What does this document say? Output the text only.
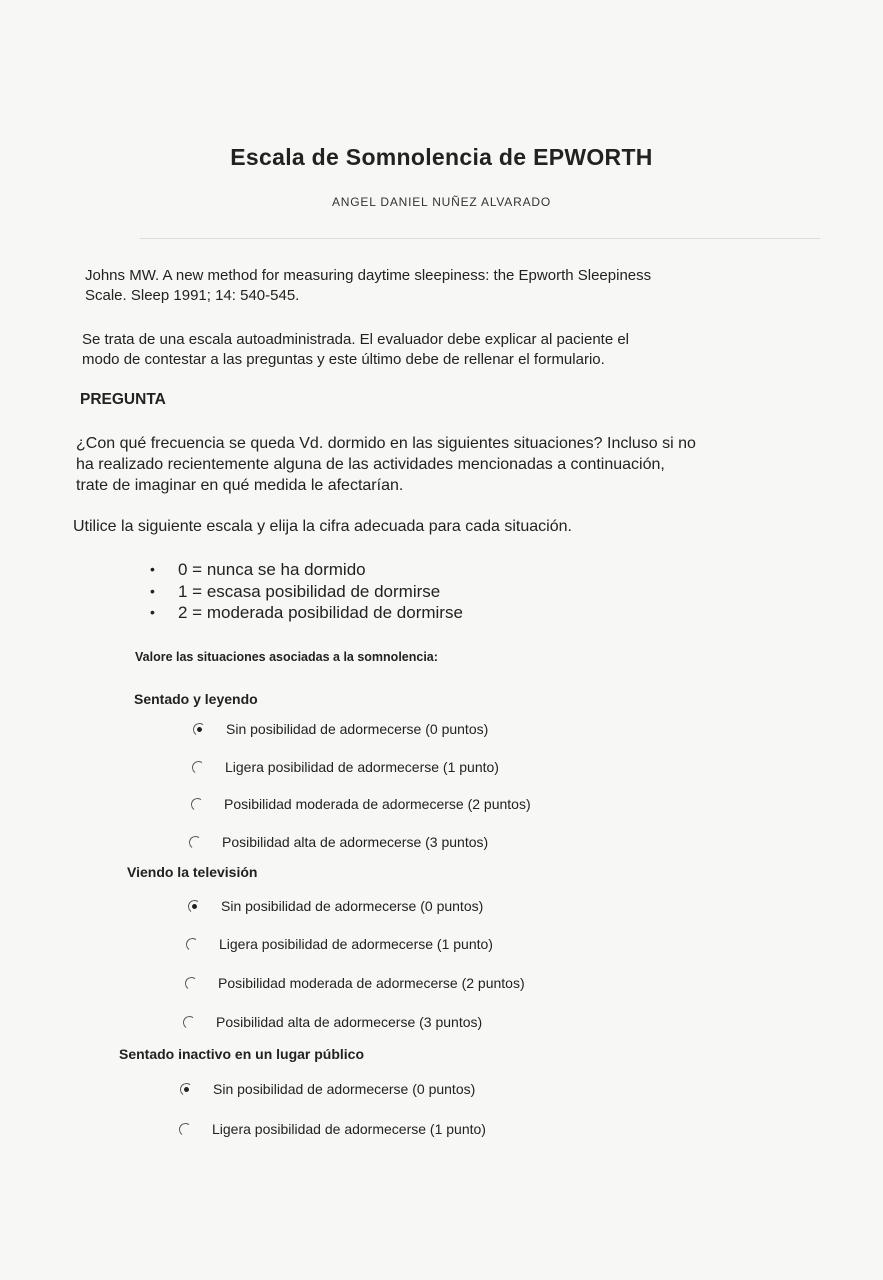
Escala de Somnolencia de EPWORTH
ANGEL DANIEL NUÑEZ ALVARADO
Johns MW. A new method for measuring daytime sleepiness: the Epworth Sleepiness
Scale. Sleep 1991; 14: 540-545.
Se trata de una escala autoadministrada. El evaluador debe explicar al paciente el
modo de contestar a las preguntas y este último debe de rellenar el formulario.
PREGUNTA
¿Con qué frecuencia se queda Vd. dormido en las siguientes situaciones? Incluso si no
ha realizado recientemente alguna de las actividades mencionadas a continuación,
trate de imaginar en qué medida le afectarían.
Utilice la siguiente escala y elija la cifra adecuada para cada situación.
• 0 = nunca se ha dormido
• 1 = escasa posibilidad de dormirse
• 2 = moderada posibilidad de dormirse
Valore las situaciones asociadas a la somnolencia:
Sentado y leyendo
Sin posibilidad de adormecerse (0 puntos)
Ligera posibilidad de adormecerse (1 punto)
Posibilidad moderada de adormecerse (2 puntos)
Posibilidad alta de adormecerse (3 puntos)
Viendo la televisión
Sin posibilidad de adormecerse (0 puntos)
Ligera posibilidad de adormecerse (1 punto)
Posibilidad moderada de adormecerse (2 puntos)
Posibilidad alta de adormecerse (3 puntos)
Sentado inactivo en un lugar público
Sin posibilidad de adormecerse (0 puntos)
Ligera posibilidad de adormecerse (1 punto)
